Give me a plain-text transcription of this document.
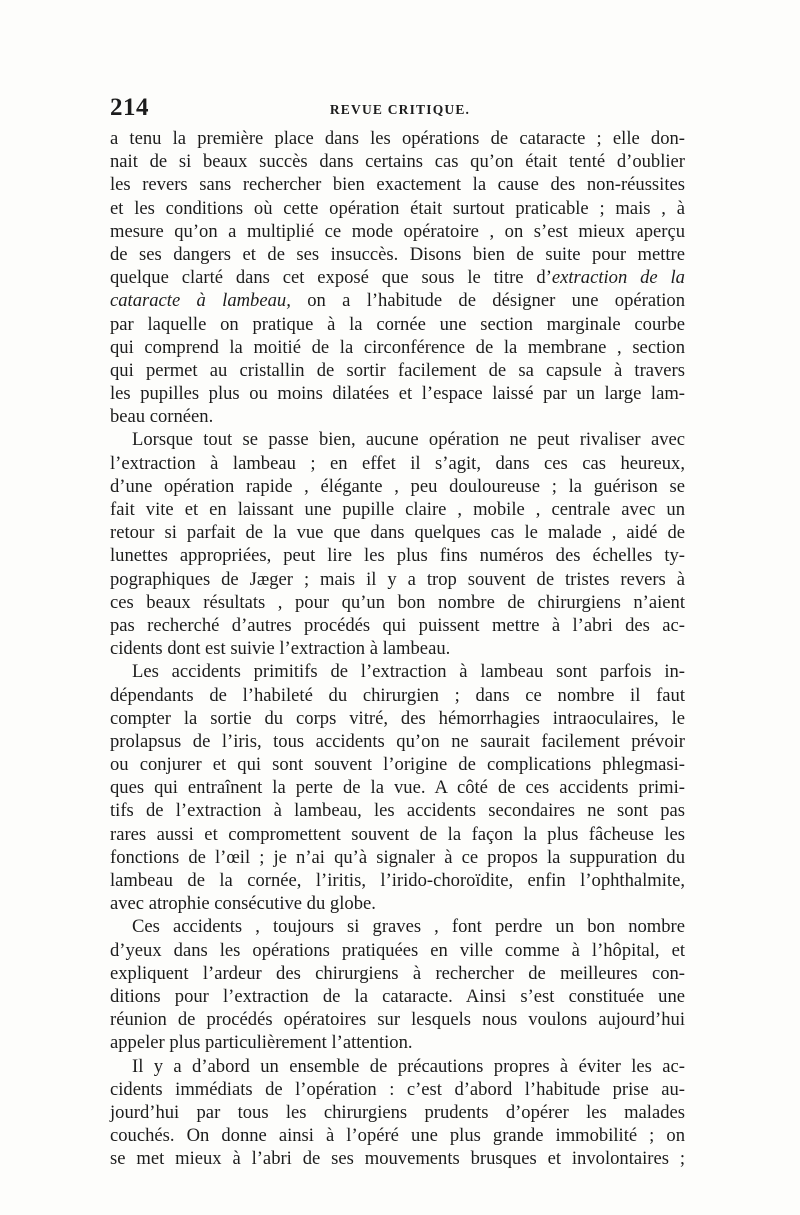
214	REVUE CRITIQUE.
a tenu la première place dans les opérations de cataracte ; elle don-
nait de si beaux succès dans certains cas qu’on était tenté d’oublier
les revers sans rechercher bien exactement la cause des non-réussites
et les conditions où cette opération était surtout praticable ; mais , à
mesure qu’on a multiplié ce mode opératoire , on s’est mieux aperçu
de ses dangers et de ses insuccès. Disons bien de suite pour mettre
quelque clarté dans cet exposé que sous le titre d’extraction de la
cataracte à lambeau, on a l’habitude de désigner une opération
par laquelle on pratique à la cornée une section marginale courbe
qui comprend la moitié de la circonférence de la membrane , section
qui permet au cristallin de sortir facilement de sa capsule à travers
les pupilles plus ou moins dilatées et l’espace laissé par un large lam-
beau cornéen.
Lorsque tout se passe bien, aucune opération ne peut rivaliser avec
l’extraction à lambeau ; en effet il s’agit, dans ces cas heureux,
d’une opération rapide , élégante , peu douloureuse ; la guérison se
fait vite et en laissant une pupille claire , mobile , centrale avec un
retour si parfait de la vue que dans quelques cas le malade , aidé de
lunettes appropriées, peut lire les plus fins numéros des échelles ty-
pographiques de Jæger ; mais il y a trop souvent de tristes revers à
ces beaux résultats , pour qu’un bon nombre de chirurgiens n’aient
pas recherché d’autres procédés qui puissent mettre à l’abri des ac-
cidents dont est suivie l’extraction à lambeau.
Les accidents primitifs de l’extraction à lambeau sont parfois in-
dépendants de l’habileté du chirurgien ; dans ce nombre il faut
compter la sortie du corps vitré, des hémorrhagies intraoculaires, le
prolapsus de l’iris, tous accidents qu’on ne saurait facilement prévoir
ou conjurer et qui sont souvent l’origine de complications phlegmasi-
ques qui entraînent la perte de la vue. A côté de ces accidents primi-
tifs de l’extraction à lambeau, les accidents secondaires ne sont pas
rares aussi et compromettent souvent de la façon la plus fâcheuse les
fonctions de l’œil ; je n’ai qu’à signaler à ce propos la suppuration du
lambeau de la cornée, l’iritis, l’irido-choroïdite, enfin l’ophthalmite,
avec atrophie consécutive du globe.
Ces accidents , toujours si graves , font perdre un bon nombre
d’yeux dans les opérations pratiquées en ville comme à l’hôpital, et
expliquent l’ardeur des chirurgiens à rechercher de meilleures con-
ditions pour l’extraction de la cataracte. Ainsi s’est constituée une
réunion de procédés opératoires sur lesquels nous voulons aujourd’hui
appeler plus particulièrement l’attention.
Il y a d’abord un ensemble de précautions propres à éviter les ac-
cidents immédiats de l’opération : c’est d’abord l’habitude prise au-
jourd’hui par tous les chirurgiens prudents d’opérer les malades
couchés. On donne ainsi à l’opéré une plus grande immobilité ; on
se met mieux à l’abri de ses mouvements brusques et involontaires ;
